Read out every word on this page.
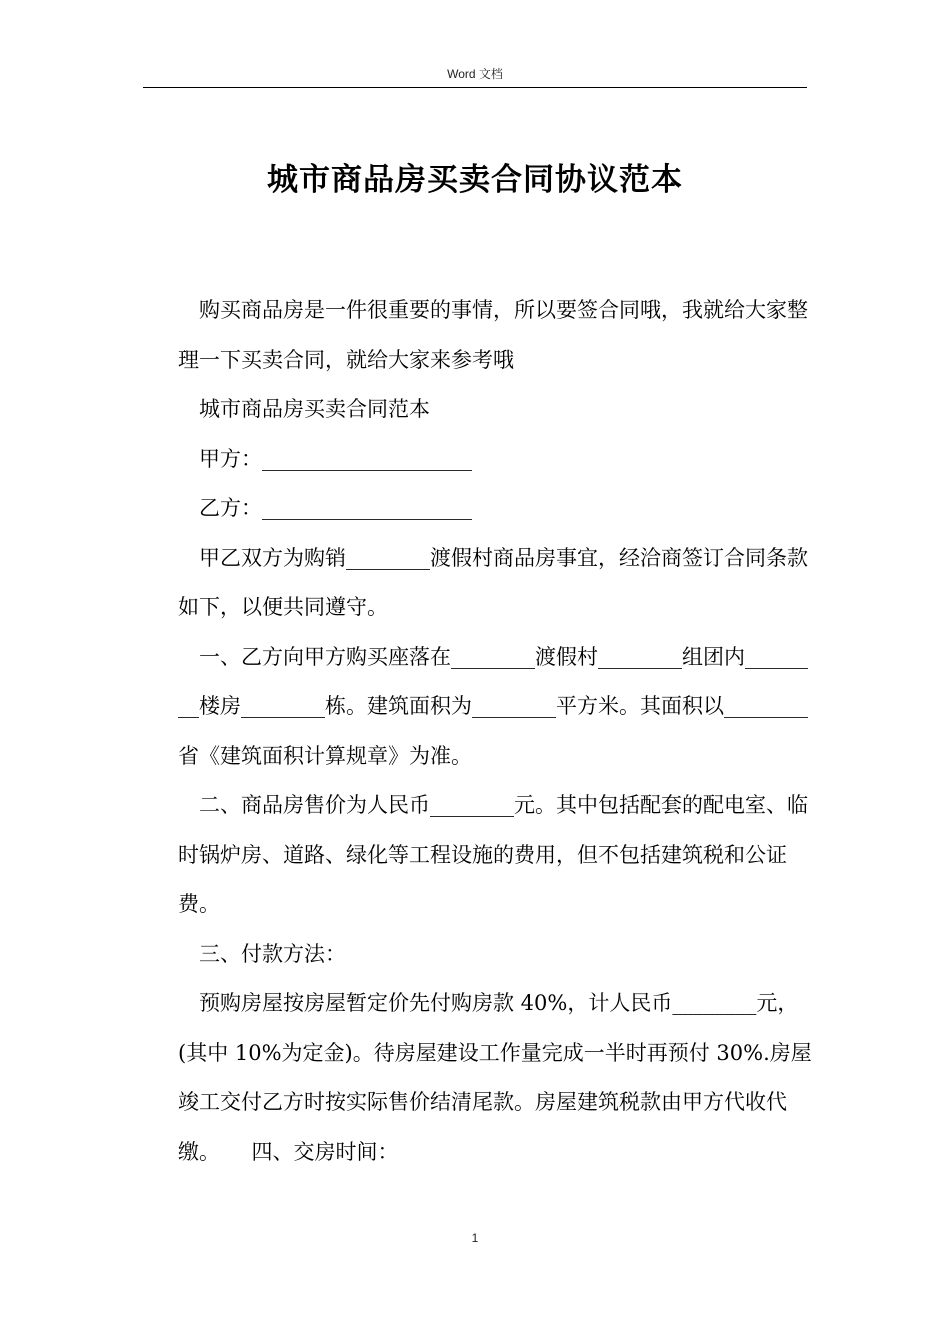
Word 文档
城市商品房买卖合同协议范本

购买商品房是一件很重要的事情，所以要签合同哦，我就给大家整理一下买卖合同，就给大家来参考哦

城市商品房买卖合同范本

甲方：____________________

乙方：____________________

甲乙双方为购销________渡假村商品房事宜，经洽商签订合同条款如下，以便共同遵守。

一、乙方向甲方购买座落在________渡假村________组团内________楼房________栋。建筑面积为________平方米。其面积以________省《建筑面积计算规章》为准。

二、商品房售价为人民币________元。其中包括配套的配电室、临时锅炉房、道路、绿化等工程设施的费用，但不包括建筑税和公证费。

三、付款方法：

预购房屋按房屋暂定价先付购房款 40%，计人民币________元，(其中 10%为定金)。待房屋建设工作量完成一半时再预付 30%.房屋竣工交付乙方时按实际售价结清尾款。房屋建筑税款由甲方代收代缴。　　四、交房时间：

1
